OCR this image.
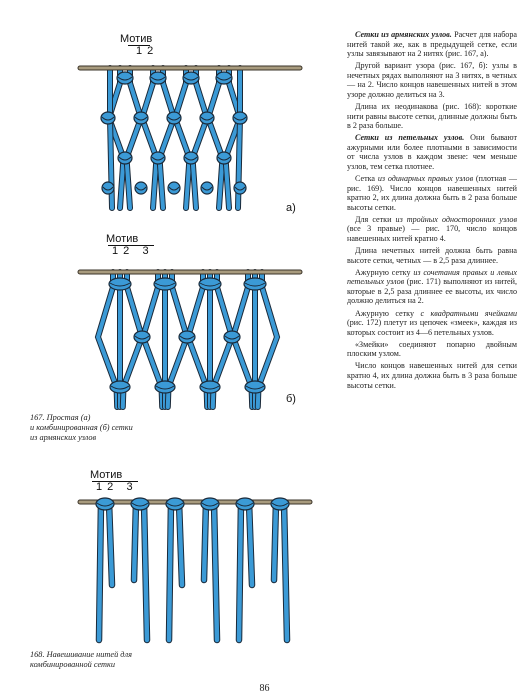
Мотив
1 2
а)
Мотив
1 2   3
б)
167. Простая (а)
и комбинированная (б) сетки
из армянских узлов
Мотив
1 2   3
168. Навешивание нитей для
комбинированной сетки

Сетки из армянских узлов. Расчет для набора нитей такой же, как в предыдущей сетке, если узлы завязывают на 2 нитях (рис. 167, а).

Другой вариант узора (рис. 167, б): узлы в нечетных рядах выполняют на 3 нитях, в четных — на 2. Число концов навешенных нитей в этом узоре должно делиться на 3.

Длина их неодинакова (рис. 168): короткие нити равны высоте сетки, длинные должны быть в 2 раза больше.

Сетки из петельных узлов. Они бывают ажурными или более плотными в зависимости от числа узлов в каждом звене: чем меньше узлов, тем сетка плотнее.

Сетка из одинарных правых узлов (плотная — рис. 169). Число концов навешенных нитей кратно 2, их длина должна быть в 2 раза больше высоты сетки.

Для сетки из тройных односторонних узлов (все 3 правые) — рис. 170, число концов навешенных нитей кратно 4.

Длина нечетных нитей должна быть равна высоте сетки, четных — в 2,5 раза длиннее.

Ажурную сетку из сочетания правых и левых петельных узлов (рис. 171) выполняют из нитей, которые в 2,5 раза длиннее ее высоты, их число должно делиться на 2.

Ажурную сетку с квадратными ячейками (рис. 172) плетут из цепочек «змеек», каждая из которых состоит из 4—6 петельных узлов.

«Змейки» соединяют попарно двойным плоским узлом.

Число концов навешенных нитей для сетки кратно 4, их длина должна быть в 3 раза больше высоты сетки.

86
